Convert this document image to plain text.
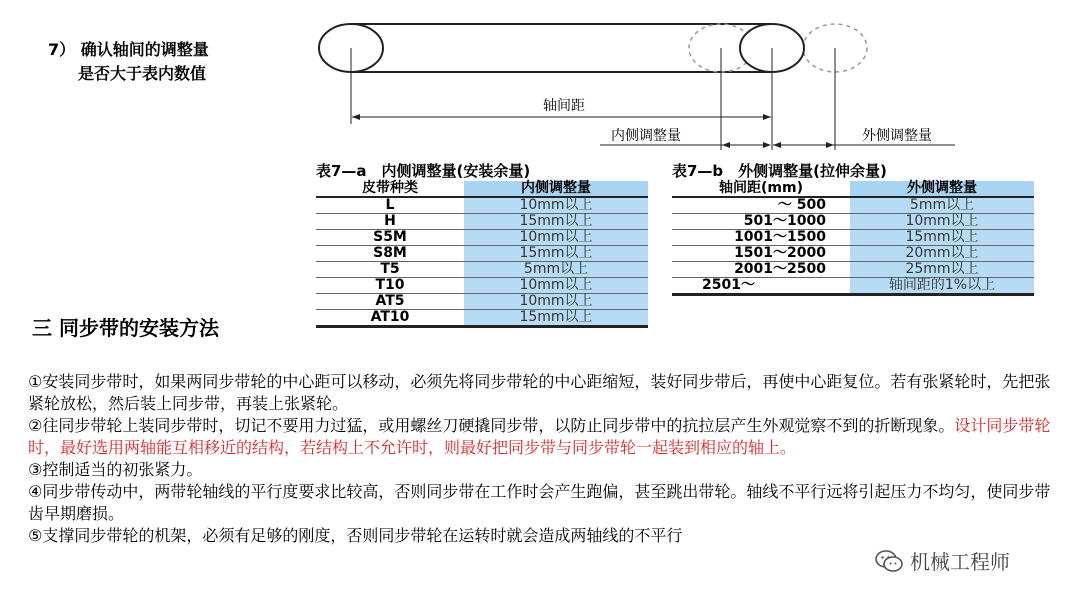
7） 确认轴间的调整量
是否大于表内数值
轴间距
内侧调整量	外侧调整量
表7—a　内侧调整量(安装余量)
皮带种类	内侧调整量
L	10mm以上
H	15mm以上
S5M	10mm以上
S8M	15mm以上
T5	5mm以上
T10	10mm以上
AT5	10mm以上
AT10	15mm以上
表7—b　外侧调整量(拉伸余量)
轴间距(mm)	外侧调整量
～ 500	5mm以上
501～1000	10mm以上
1001～1500	15mm以上
1501～2000	20mm以上
2001～2500	25mm以上
2501～	轴间距的1%以上
三 同步带的安装方法

①安装同步带时，如果两同步带轮的中心距可以移动，必须先将同步带轮的中心距缩短，装好同步带后，再使中心距复位。若有张紧轮时，先把张紧轮放松，然后装上同步带，再装上张紧轮。

②往同步带轮上装同步带时，切记不要用力过猛，或用螺丝刀硬撬同步带，以防止同步带中的抗拉层产生外观觉察不到的折断现象。设计同步带轮时，最好选用两轴能互相移近的结构，若结构上不允许时，则最好把同步带与同步带轮一起装到相应的轴上。

③控制适当的初张紧力。

④同步带传动中，两带轮轴线的平行度要求比较高，否则同步带在工作时会产生跑偏，甚至跳出带轮。轴线不平行远将引起压力不均匀，使同步带齿早期磨损。

⑤支撑同步带轮的机架，必须有足够的刚度，否则同步带轮在运转时就会造成两轴线的不平行

机械工程师
